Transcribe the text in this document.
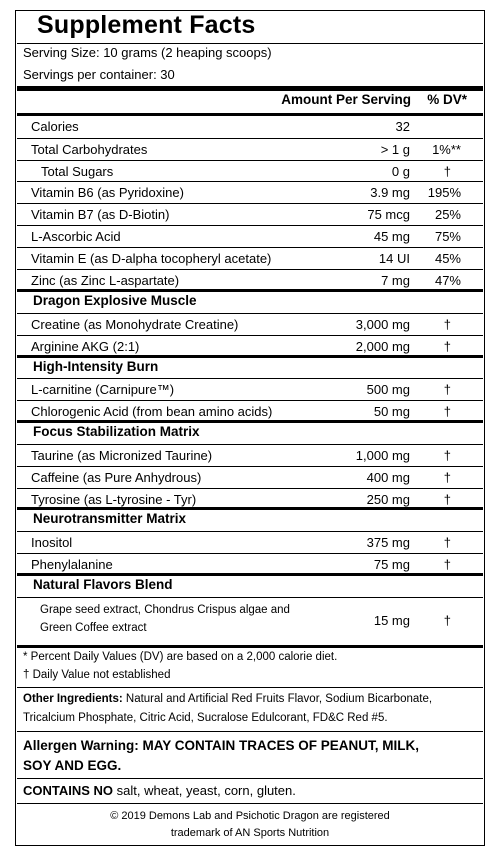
Supplement Facts
Serving Size: 10 grams (2 heaping scoops)
Servings per container: 30
Amount Per Serving % DV*
Calories	32
Total Carbohydrates	> 1 g 1%**
Total Sugars	0 g	†
Vitamin B6 (as Pyridoxine)	3.9 mg 195%
Vitamin B7 (as D-Biotin)	75 mcg 25%
L-Ascorbic Acid	45 mg 75%
Vitamin E (as D-alpha tocopheryl acetate)	14 UI 45%
Zinc (as Zinc L-aspartate)	7 mg 47%
Dragon Explosive Muscle
Creatine (as Monohydrate Creatine)	3,000 mg	†
Arginine AKG (2:1)	2,000 mg	†
High-Intensity Burn
L-carnitine (Carnipure™)	500 mg	†
Chlorogenic Acid (from bean amino acids)	50 mg	†
Focus Stabilization Matrix
Taurine (as Micronized Taurine)	1,000 mg	†
Caffeine (as Pure Anhydrous)	400 mg	†
Tyrosine (as L-tyrosine - Tyr)	250 mg	†
Neurotransmitter Matrix
Inositol	375 mg	†
Phenylalanine	75 mg	†
Natural Flavors Blend
Grape seed extract, Chondrus Crispus algae and
Green Coffee extract	15 mg	†
* Percent Daily Values (DV) are based on a 2,000 calorie diet.
† Daily Value not established
Other Ingredients: Natural and Artificial Red Fruits Flavor, Sodium Bicarbonate,
Tricalcium Phosphate, Citric Acid, Sucralose Edulcorant, FD&C Red #5.
Allergen Warning: MAY CONTAIN TRACES OF PEANUT, MILK,
SOY AND EGG.
CONTAINS NO salt, wheat, yeast, corn, gluten.
© 2019 Demons Lab and Psichotic Dragon are registered
trademark of AN Sports Nutrition
